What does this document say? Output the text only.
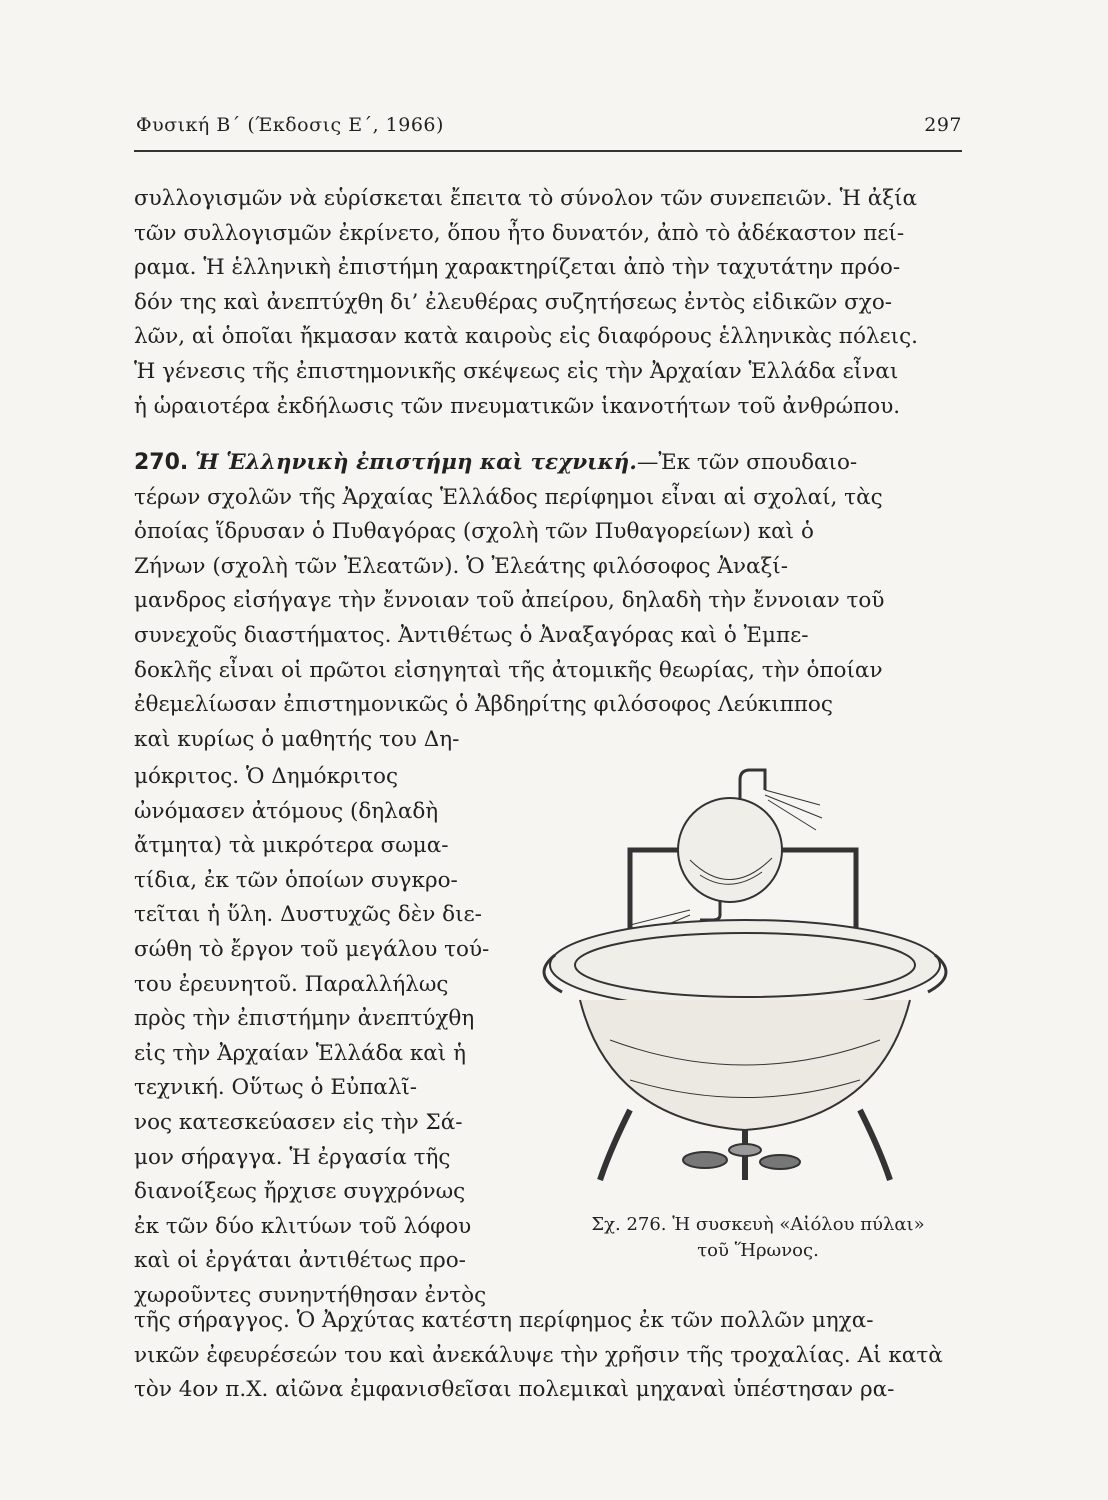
Φυσική Β΄ (Έκδοσις Ε΄, 1966)	297
συλλογισμῶν νὰ εὑρίσκεται ἔπειτα τὸ σύνολον τῶν συνεπειῶν. Ἡ ἀξία
τῶν συλλογισμῶν ἐκρίνετο, ὅπου ἦτο δυνατόν, ἀπὸ τὸ ἀδέκαστον πεί-
ραμα. Ἡ ἑλληνικὴ ἐπιστήμη χαρακτηρίζεται ἀπὸ τὴν ταχυτάτην πρόο-
δόν της καὶ ἀνεπτύχθη δι’ ἐλευθέρας συζητήσεως ἐντὸς εἰδικῶν σχο-
λῶν, αἱ ὁποῖαι ἤκμασαν κατὰ καιροὺς εἰς διαφόρους ἑλληνικὰς πόλεις.
Ἡ γένεσις τῆς ἐπιστημονικῆς σκέψεως εἰς τὴν Ἀρχαίαν Ἑλλάδα εἶναι
ἡ ὡραιοτέρα ἐκδήλωσις τῶν πνευματικῶν ἱκανοτήτων τοῦ ἀνθρώπου.
270. Ἡ Ἑλληνικὴ ἐπιστήμη καὶ τεχνική.—Ἐκ τῶν σπουδαιο-
τέρων σχολῶν τῆς Ἀρχαίας Ἑλλάδος περίφημοι εἶναι αἱ σχολαί, τὰς
ὁποίας ἵδρυσαν ὁ Πυθαγόρας (σχολὴ τῶν Πυθαγορείων) καὶ ὁ
Ζήνων (σχολὴ τῶν Ἐλεατῶν). Ὁ Ἐλεάτης φιλόσοφος Ἀναξί-
μανδρος εἰσήγαγε τὴν ἔννοιαν τοῦ ἀπείρου, δηλαδὴ τὴν ἔννοιαν τοῦ
συνεχοῦς διαστήματος. Ἀντιθέτως ὁ Ἀναξαγόρας καὶ ὁ Ἐμπε-
δοκλῆς εἶναι οἱ πρῶτοι εἰσηγηταὶ τῆς ἀτομικῆς θεωρίας, τὴν ὁποίαν
ἐθεμελίωσαν ἐπιστημονικῶς ὁ Ἀβδηρίτης φιλόσοφος Λεύκιππος
καὶ κυρίως ὁ μαθητής του Δη-
μόκριτος. Ὁ Δημόκριτος
ὠνόμασεν ἀτόμους (δηλαδὴ
ἄτμητα) τὰ μικρότερα σωμα-
τίδια, ἐκ τῶν ὁποίων συγκρο-
τεῖται ἡ ὕλη. Δυστυχῶς δὲν διε-
σώθη τὸ ἔργον τοῦ μεγάλου τού-
του ἐρευνητοῦ. Παραλλήλως
πρὸς τὴν ἐπιστήμην ἀνεπτύχθη
εἰς τὴν Ἀρχαίαν Ἑλλάδα καὶ ἡ
τεχνική. Οὕτως ὁ Εὐπαλῖ-
νος κατεσκεύασεν εἰς τὴν Σά-
μον σήραγγα. Ἡ ἐργασία τῆς
διανοίξεως ἤρχισε συγχρόνως
ἐκ τῶν δύο κλιτύων τοῦ λόφου
καὶ οἱ ἐργάται ἀντιθέτως προ-
χωροῦντες συνηντήθησαν ἐντὸς
Σχ. 276. Ἡ συσκευὴ «Αἰόλου πύλαι»
τοῦ Ἥρωνος.
τῆς σήραγγος. Ὁ Ἀρχύτας κατέστη περίφημος ἐκ τῶν πολλῶν μηχα-
νικῶν ἐφευρέσεών του καὶ ἀνεκάλυψε τὴν χρῆσιν τῆς τροχαλίας. Αἱ κατὰ
τὸν 4ον π.Χ. αἰῶνα ἐμφανισθεῖσαι πολεμικαὶ μηχαναὶ ὑπέστησαν ρα-
